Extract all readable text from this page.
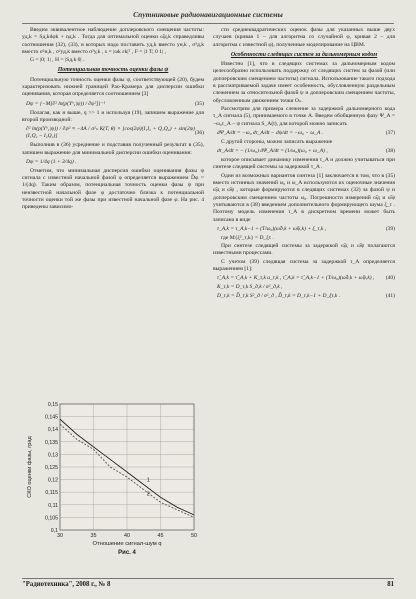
Спутниковые радионавигационные системы

Введем эквивалентное наблюдение доплеровского смещения частоты: yд,k = Sд,kdφk + nд,k . Тогда для оптимальной оценки ω̂д,k справедливы соотношения (32), (33), в которых надо поставить yд,k вместо yн,k , σ²д,k вместо σ²н,k , σ²уд,k вместо σ²у,k , x = |ωk εk|ᵀ , F = |1 T; 0 1| ,

G = |0; 1| , H = |Sд,k 0| .

Потенциальная точность оценки фазы ψ

Потенциальную точность оценки фазы ψ, соответствующей (20), будем характеризовать нижней границей Рао-Крамера для дисперсии ошибки оценивания, которая определяется соотношением [3]

Dψ = {−M[∂² ln(p(Yʰ₁|ψ)) / ∂ψ²]}⁻¹	(35)

Полагая, как и выше, q >> 1 и используя (19), запишем выражение для второй производной:

∂² ln(p(Yʰ₁|ψ)) / ∂ψ² ≈ −4A / σ²ₙ K(T, θ) × [cos(2ψ)(I₁I₂ + Q₁Q₂) + sin(2ψ)(I₁Q₂ − I₂Q₁)]
(36)

Выполнив в (36) усреднение и подставив полученный результат в (35), запишем выражение для минимальной дисперсии ошибки оценивания:

Dψ = 1/4q (1 + 3/4q) .

Отметим, что минимальная дисперсия ошибки оценивания фазы ψ сигнала с известной начальной фазой φ определяется выражением D̃φ = 1/(4q). Таким образом, потенциальная точность оценки фазы ψ при неизвестной начальной фазе φ достаточно близка к потенциальной точности оценки той же фазы при известной начальной фазе φ. На рис. 4 приведены зависимо-

0,1
0,105
0,11
0,115
0,12
0,125
0,13
0,135
0,14
0,145
0,15
30	35	40	45	50
1
2
Отношение сигнал-шум q
СКО оценки фазы, град
Рис. 4

сти среднеквадратических оценок фазы для указанных выше двух случаев (кривая 1 – для алгоритма со случайной φ, кривая 2 – для алгоритма с известной φ), полученные моделирование на ЦВМ.

Особенности следящих систем за дальномерным кодом

Известно [1], что в следящих системах за дальномерным кодом целесообразно использовать поддержку от следящих систем за фазой (или доплеровским смещением частоты) сигнала. Использование такого подхода в рассматриваемой задаче имеет особенность, обусловленную раздельным слежением за относительной фазой ψ и доплеровским смещением частоты, обусловленным движением точки Oₙ.

Рассмотрим для примера слежение за задержкой дальномерного кода τ_A сигнала (5), принимаемого в точке A. Введем обобщенную фазу Ψ_A = −ω₀τ_A − ψ сигнала S_A(t), для которой можно записать

dΨ_A/dt = −ω₀ dτ_A/dt − dψ/dt = −ω₀ − ω_A .	(37)

С другой стороны, можно записать выражение

dτ_A/dt = − (1/ω₀) dΨ_A/dt = (1/ω₀)(ω₀ + ω_A) ,	(38)

которое описывает динамику изменения τ_A и должно учитываться при синтезе следящей системы за задержкой τ_A .

Один из возможных вариантов синтеза [1] заключается в том, что в (35) вместо истинных значений ω₀ и ω_A используются их оценочные значения ω̂д и ω̂ψ , которые формируются в следящих системах (32) за фазой ψ и доплеровским смещением частоты ω₀. Погрешности измерений ω̂д и ω̂ψ учитываются в (38) введением дополнительного формирующего шума ξ_τ . Поэтому модель изменения τ_A в дискретном времени может быть записана в виде

τ_A,k = τ_A,k−1 + (T/ω₀)(ω̂д,k + ω̂ψ,k) + ξ_τ,k ,	(39)

где M{ξ²_τ,k} = D_ξτ .

При синтезе следящей системы за задержкой ω̂д и ω̂ψ полагаются известными процессами.

С учетом (39) следящая система за задержкой τ_A определяется выражением [1]:

τ̂_A,k = τ̃_A,k + K_τ,k u_τ,k , τ̃_A,k = τ̂_A,k−1 + (T/ω₀)(ω̂д,k + ω̂ψ,k) , (40)
K_τ,k = D_τ,k S_д,k / σ²_д,k ,
D_τ,k = D̃_τ,k S²_д / σ²_д , D̃_τ,k = D_τ,k−1 + D_ξτ,k .	(41)
"Радиотехника", 2008 г., № 8	81
